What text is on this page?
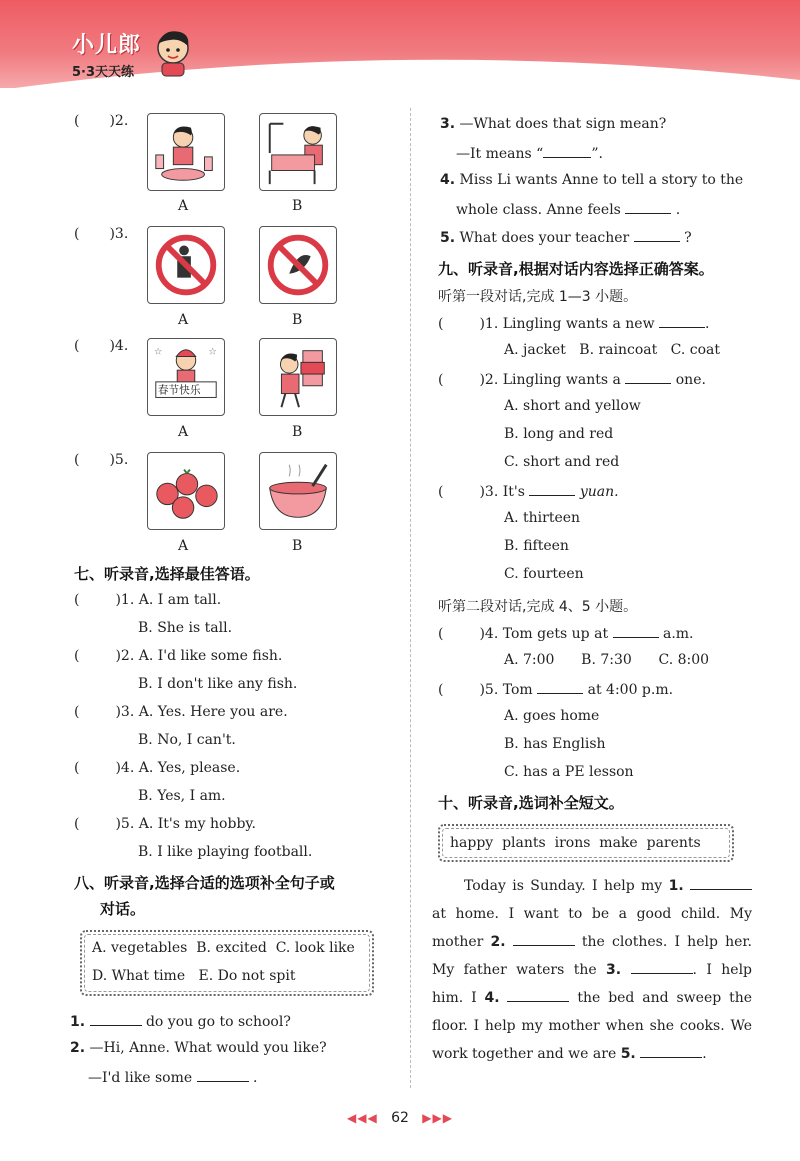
小儿郎
5·3天天练
( )2.
A	B
( )3.
A	B
( )4.
春节快乐
☆	☆
A	B
( )5.
A	B
七、听录音,选择最佳答语。
(	)1. A. I am tall.
B. She is tall.
(	)2. A. I'd like some fish.
B. I don't like any fish.
(	)3. A. Yes. Here you are.
B. No, I can't.
(	)4. A. Yes, please.
B. Yes, I am.
(	)5. A. It's my hobby.
B. I like playing football.
八、听录音,选择合适的选项补全句子或
对话。
A. vegetables B. excited C. look like
D. What time E. Do not spit
1.	do you go to school?
2. —Hi, Anne. What would you like?
—I'd like some	.
3. —What does that sign mean?
—It means “	”.
4. Miss Li wants Anne to tell a story to the
whole class. Anne feels	.
5. What does your teacher	?
九、听录音,根据对话内容选择正确答案。
听第一段对话,完成 1—3 小题。
(	)1. Lingling wants a new	.
A. jacket B. raincoat C. coat
(	)2. Lingling wants a	one.
A. short and yellow
B. long and red
C. short and red
(	)3. It's	yuan.
A. thirteen
B. fifteen
C. fourteen
听第二段对话,完成 4、5 小题。
(	)4. Tom gets up at	a.m.
A. 7:00 B. 7:30 C. 8:00
(	)5. Tom	at 4:00 p.m.
A. goes home
B. has English
C. has a PE lesson
十、听录音,选词补全短文。
happy  plants  irons  make  parents
Today is Sunday. I help my 1.  at home. I want to be a good child. My mother 2.	the clothes. I help her. My father waters the 3.	. I help him. I 4.	the bed and sweep the floor. I help my mother when she cooks. We work together and we are 5.	.
◀◀◀ 62 ▶▶▶
